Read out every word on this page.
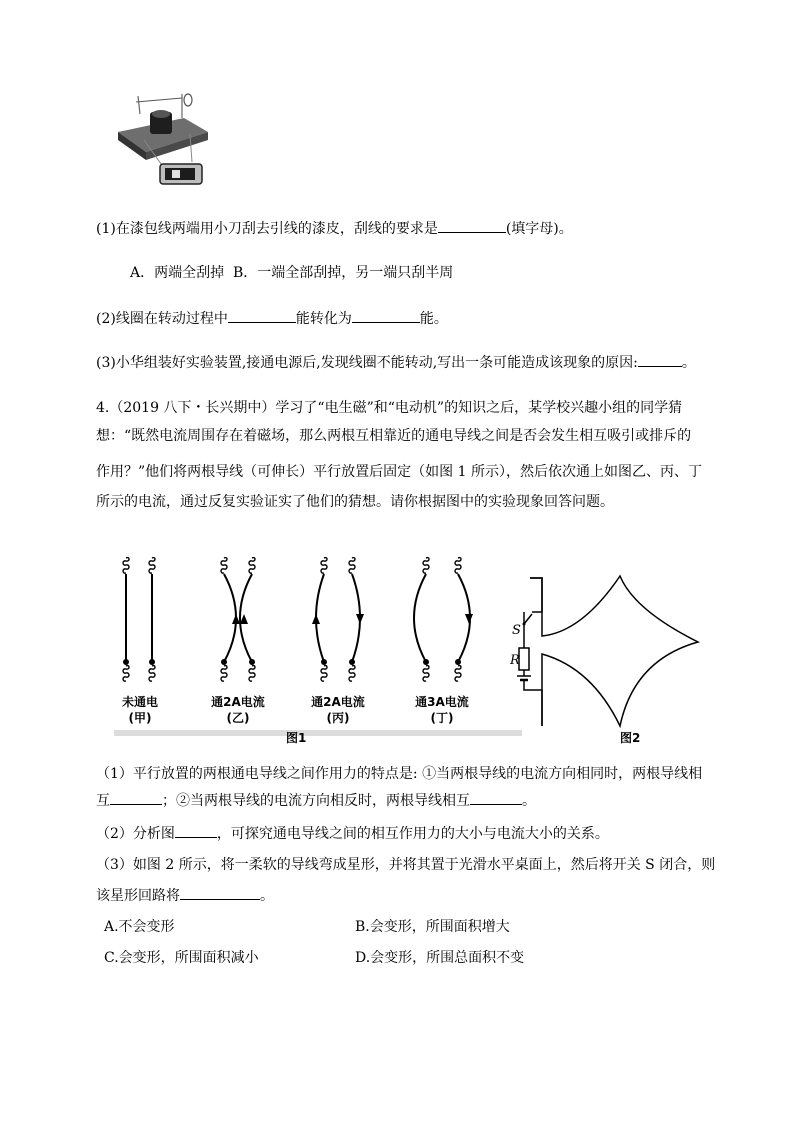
(1)在漆包线两端用小刀刮去引线的漆皮，刮线的要求是	(填字母)。
A．两端全刮掉 B．一端全部刮掉，另一端只刮半周
(2)线圈在转动过程中	能转化为	能。
(3)小华组装好实验装置,接通电源后,发现线圈不能转动,写出一条可能造成该现象的原因:	。
4.（2019 八下・长兴期中）学习了“电生磁”和“电动机”的知识之后，某学校兴趣小组的同学猜
想：“既然电流周围存在着磁场，那么两根互相靠近的通电导线之间是否会发生相互吸引或排斥的
作用？”他们将两根导线（可伸长）平行放置后固定（如图 1 所示），然后依次通上如图乙、丙、丁
所示的电流，通过反复实验证实了他们的猜想。请你根据图中的实验现象回答问题。
未通电
(甲)
通2A电流
(乙)
通2A电流
(丙)
通3A电流
(丁)
图1
S
R
图2
（1）平行放置的两根通电导线之间作用力的特点是: ①当两根导线的电流方向相同时，两根导线相
互	；②当两根导线的电流方向相反时，两根导线相互	。
（2）分析图	，可探究通电导线之间的相互作用力的大小与电流大小的关系。
（3）如图 2 所示，将一柔软的导线弯成星形，并将其置于光滑水平桌面上，然后将开关 S 闭合，则
该星形回路将	。
A.不会变形	B.会变形，所围面积增大
C.会变形，所围面积减小	D.会变形，所围总面积不变
